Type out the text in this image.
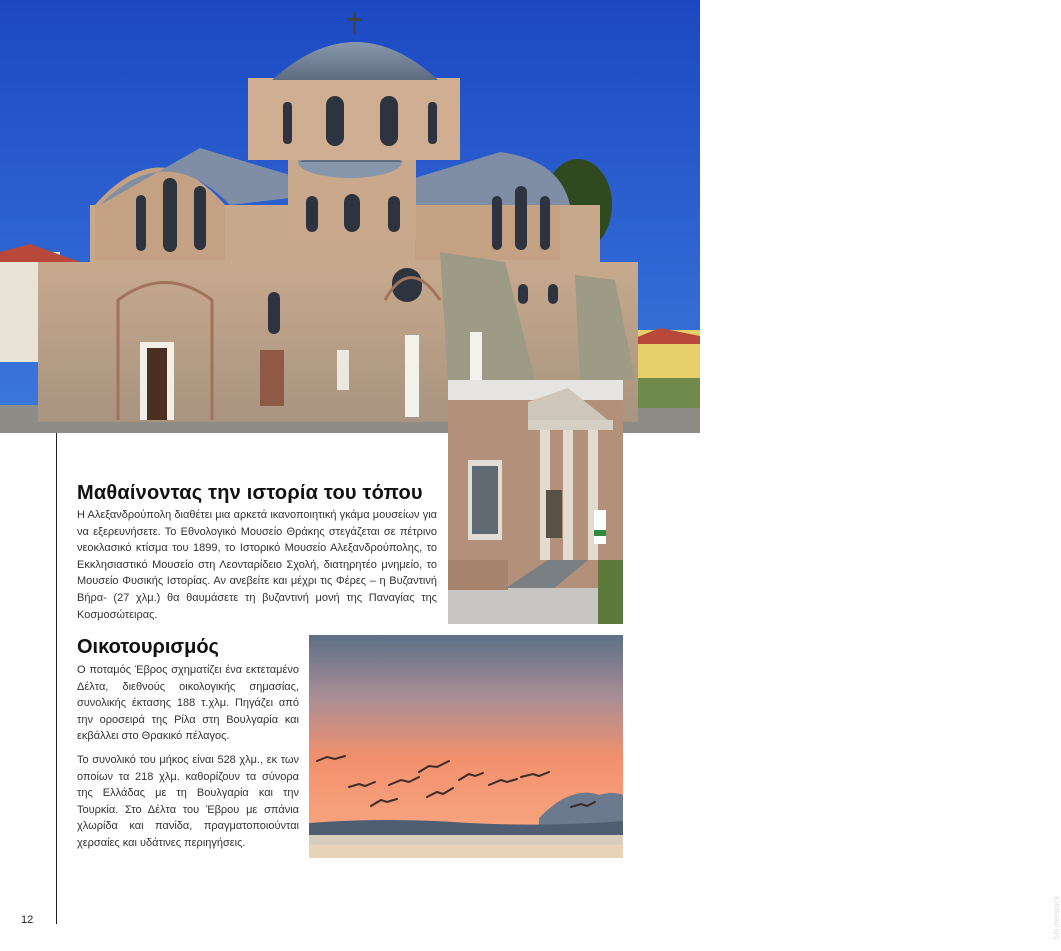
Shutterstock
Μαθαίνοντας την ιστορία του τόπου

Η Αλεξανδρούπολη διαθέτει μια αρκετά ικανοποιητική γκάμα μουσείων για να εξερευνήσετε. Το Εθνολογικό Μουσείο Θράκης στεγάζεται σε πέτρινο νεοκλασικό κτίσμα του 1899, το Ιστορικό Μουσείο Αλεξανδρούπολης, το Εκκλησιαστικό Μουσείο στη Λεονταρίδειο Σχολή, διατηρητέο μνημείο, το Μουσείο Φυσικής Ιστορίας. Αν ανεβείτε και μέχρι τις Φέρες – η Βυζαντινή Βήρα- (27 χλμ.) θα θαυμάσετε τη βυζαντινή μονή της Παναγίας της Κοσμοσώτειρας.

Οικοτουρισμός

Ο ποταμός Έβρος σχηματίζει ένα εκτεταμένο Δέλτα, διεθνούς οικολογικής σημασίας, συνολικής έκτασης 188 τ.χλμ. Πηγάζει από την οροσειρά της Ρίλα στη Βουλγαρία και εκβάλλει στο Θρακικό πέλαγος.

Το συνολικό του μήκος είναι 528 χλμ., εκ των οποίων τα 218 χλμ. καθορίζουν τα σύνορα της Ελλάδας με τη Βουλγαρία και την Τουρκία. Στο Δέλτα του Έβρου με σπάνια χλωρίδα και πανίδα, πραγματοποιούνται χερσαίες και υδάτινες περιηγήσεις.

12
